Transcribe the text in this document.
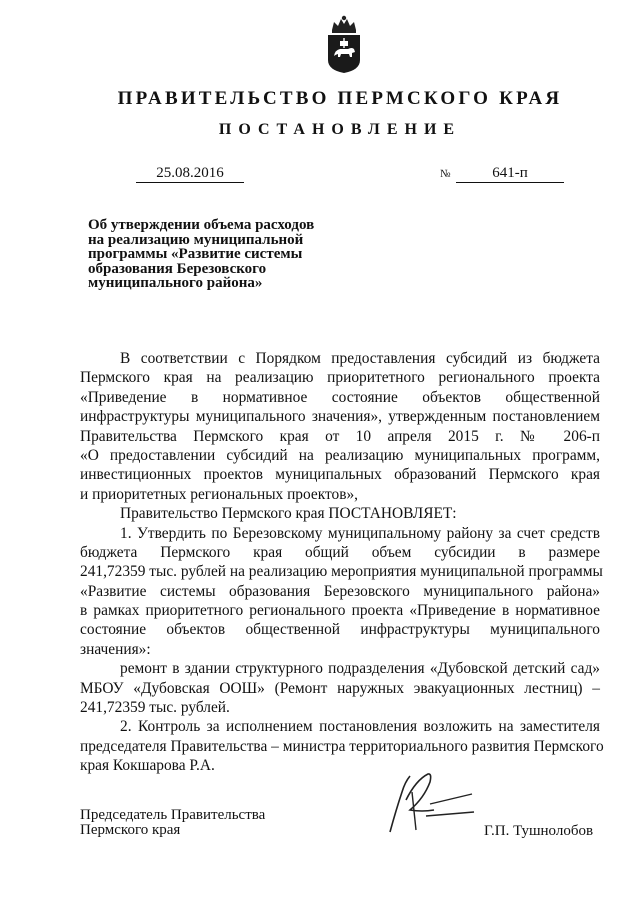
ПРАВИТЕЛЬСТВО ПЕРМСКОГО КРАЯ
ПОСТАНОВЛЕНИЕ
25.08.2016	№	641-п
Об утверждении объема расходов
на реализацию муниципальной
программы «Развитие системы
образования Березовского
муниципального района»
В соответствии с Порядком предоставления субсидий из бюджета
Пермского края на реализацию приоритетного регионального проекта
«Приведение в нормативное состояние объектов общественной
инфраструктуры муниципального значения», утвержденным постановлением
Правительства Пермского края от 10 апреля 2015 г. № 206-п
«О предоставлении субсидий на реализацию муниципальных программ,
инвестиционных проектов муниципальных образований Пермского края
и приоритетных региональных проектов»,
Правительство Пермского края ПОСТАНОВЛЯЕТ:
1. Утвердить по Березовскому муниципальному району за счет средств
бюджета Пермского края общий объем субсидии в размере
241,72359 тыс. рублей на реализацию мероприятия муниципальной программы
«Развитие системы образования Березовского муниципального района»
в рамках приоритетного регионального проекта «Приведение в нормативное
состояние объектов общественной инфраструктуры муниципального
значения»:
ремонт в здании структурного подразделения «Дубовской детский сад»
МБОУ «Дубовская ООШ» (Ремонт наружных эвакуационных лестниц) –
241,72359 тыс. рублей.
2. Контроль за исполнением постановления возложить на заместителя
председателя Правительства – министра территориального развития Пермского
края Кокшарова Р.А.
Председатель Правительства
Пермского края	Г.П. Тушнолобов
